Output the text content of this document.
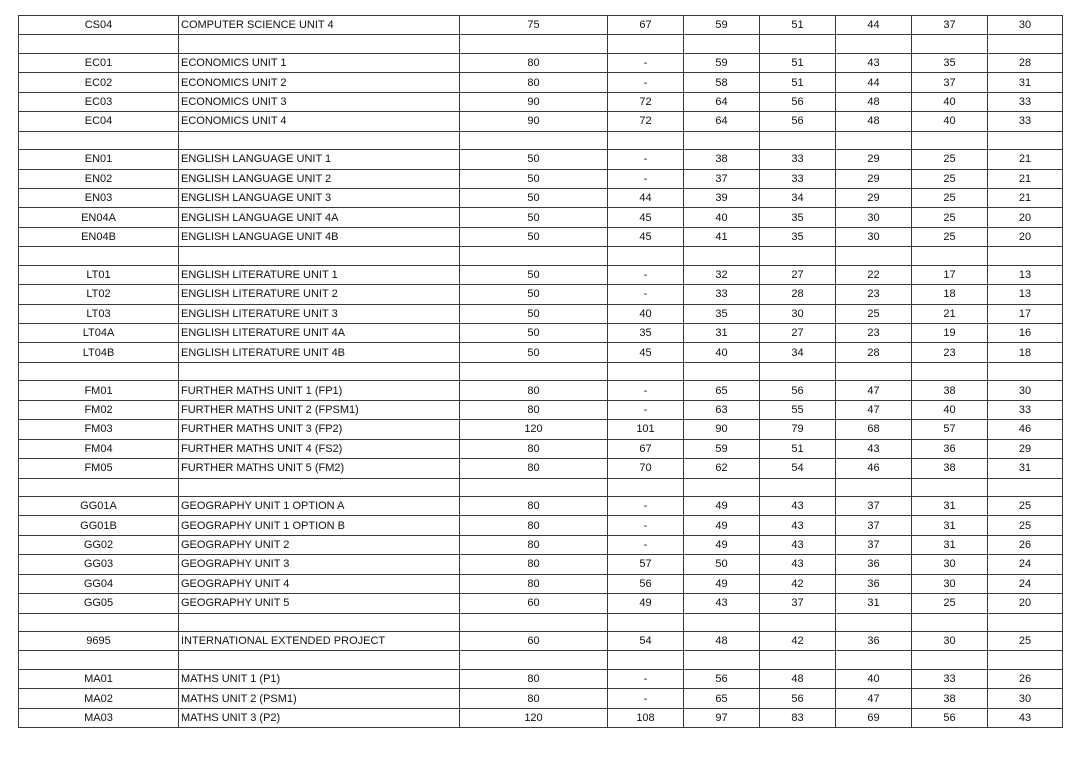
CS04	COMPUTER SCIENCE UNIT 4	75	67	59	51	44	37	30

EC01	ECONOMICS UNIT 1	80	-	59	51	43	35	28
EC02	ECONOMICS UNIT 2	80	-	58	51	44	37	31
EC03	ECONOMICS UNIT 3	90	72	64	56	48	40	33
EC04	ECONOMICS UNIT 4	90	72	64	56	48	40	33

EN01	ENGLISH LANGUAGE UNIT 1	50	-	38	33	29	25	21
EN02	ENGLISH LANGUAGE UNIT 2	50	-	37	33	29	25	21
EN03	ENGLISH LANGUAGE UNIT 3	50	44	39	34	29	25	21
EN04A	ENGLISH LANGUAGE UNIT 4A	50	45	40	35	30	25	20
EN04B	ENGLISH LANGUAGE UNIT 4B	50	45	41	35	30	25	20

LT01	ENGLISH LITERATURE UNIT 1	50	-	32	27	22	17	13
LT02	ENGLISH LITERATURE UNIT 2	50	-	33	28	23	18	13
LT03	ENGLISH LITERATURE UNIT 3	50	40	35	30	25	21	17
LT04A	ENGLISH LITERATURE UNIT 4A	50	35	31	27	23	19	16
LT04B	ENGLISH LITERATURE UNIT 4B	50	45	40	34	28	23	18

FM01	FURTHER MATHS UNIT 1 (FP1)	80	-	65	56	47	38	30
FM02	FURTHER MATHS UNIT 2 (FPSM1)	80	-	63	55	47	40	33
FM03	FURTHER MATHS UNIT 3 (FP2)	120	101	90	79	68	57	46
FM04	FURTHER MATHS UNIT 4 (FS2)	80	67	59	51	43	36	29
FM05	FURTHER MATHS UNIT 5 (FM2)	80	70	62	54	46	38	31

GG01A	GEOGRAPHY UNIT 1 OPTION A	80	-	49	43	37	31	25
GG01B	GEOGRAPHY UNIT 1 OPTION B	80	-	49	43	37	31	25
GG02	GEOGRAPHY UNIT 2	80	-	49	43	37	31	26
GG03	GEOGRAPHY UNIT 3	80	57	50	43	36	30	24
GG04	GEOGRAPHY UNIT 4	80	56	49	42	36	30	24
GG05	GEOGRAPHY UNIT 5	60	49	43	37	31	25	20

9695	INTERNATIONAL EXTENDED PROJECT	60	54	48	42	36	30	25

MA01	MATHS UNIT 1 (P1)	80	-	56	48	40	33	26
MA02	MATHS UNIT 2 (PSM1)	80	-	65	56	47	38	30
MA03	MATHS UNIT 3 (P2)	120	108	97	83	69	56	43
